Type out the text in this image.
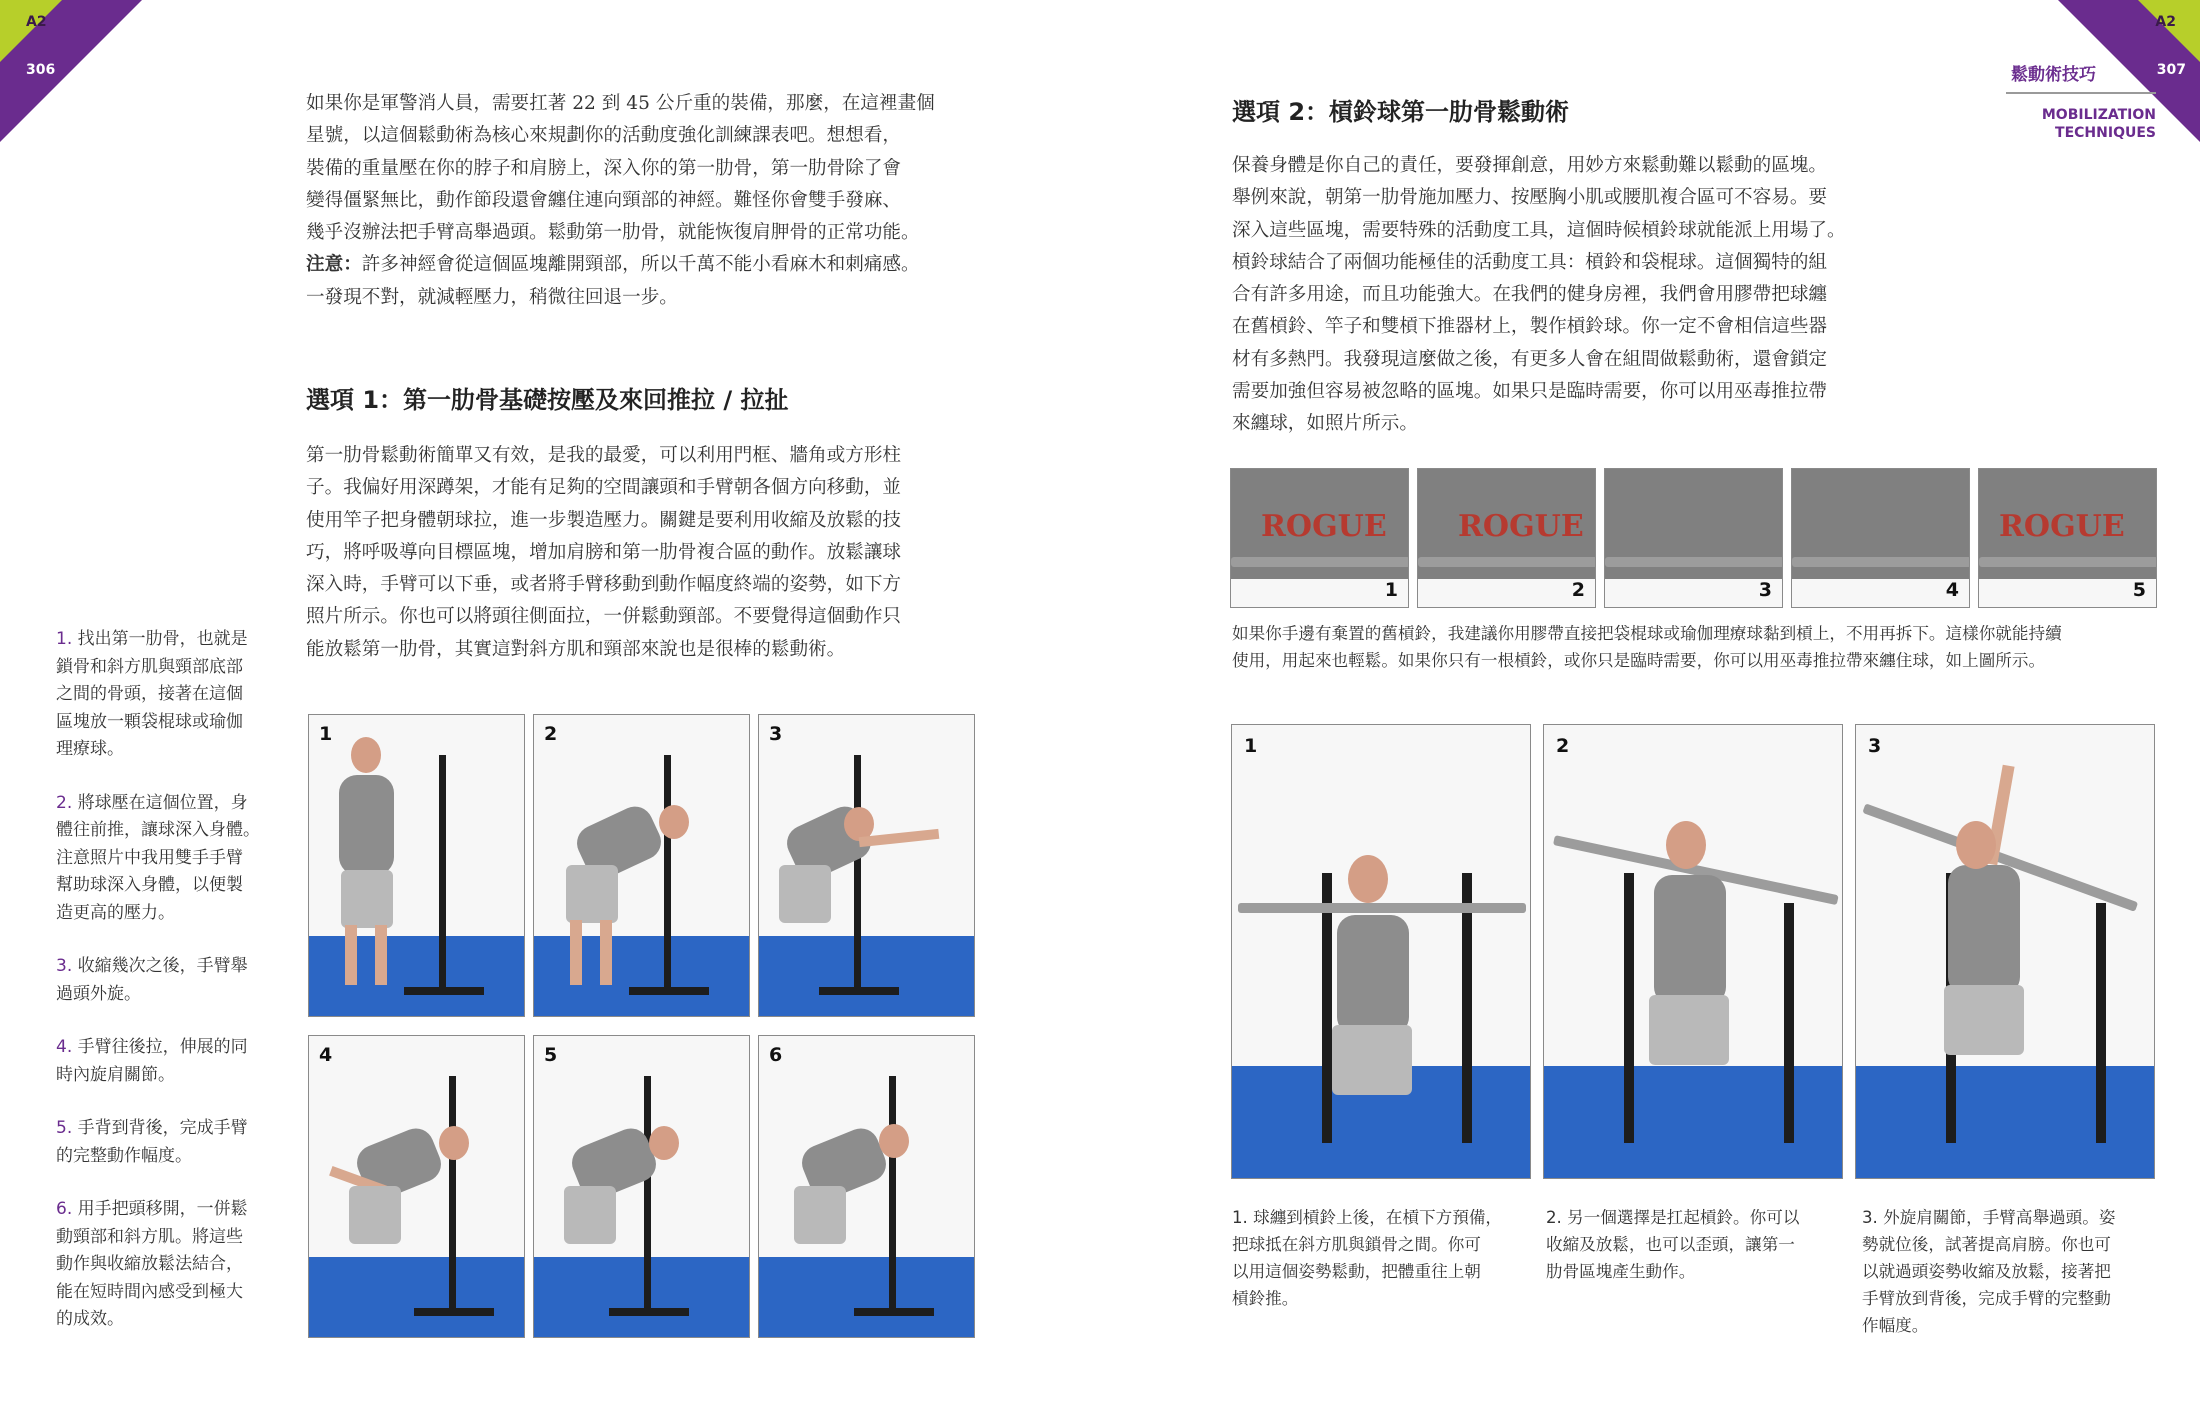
A2
306

如果你是軍警消人員，需要扛著 22 到 45 公斤重的裝備，那麼，在這裡畫個
星號，以這個鬆動術為核心來規劃你的活動度強化訓練課表吧。想想看，
裝備的重量壓在你的脖子和肩膀上，深入你的第一肋骨，第一肋骨除了會
變得僵緊無比，動作節段還會纏住連向頸部的神經。難怪你會雙手發麻、
幾乎沒辦法把手臂高舉過頭。鬆動第一肋骨，就能恢復肩胛骨的正常功能。

注意：許多神經會從這個區塊離開頸部，所以千萬不能小看麻木和刺痛感。
一發現不對，就減輕壓力，稍微往回退一步。

選項 1：第一肋骨基礎按壓及來回推拉 / 拉扯

第一肋骨鬆動術簡單又有效，是我的最愛，可以利用門框、牆角或方形柱
子。我偏好用深蹲架，才能有足夠的空間讓頭和手臂朝各個方向移動，並
使用竿子把身體朝球拉，進一步製造壓力。關鍵是要利用收縮及放鬆的技
巧，將呼吸導向目標區塊，增加肩膀和第一肋骨複合區的動作。放鬆讓球
深入時，手臂可以下垂，或者將手臂移動到動作幅度終端的姿勢，如下方
照片所示。你也可以將頭往側面拉，一併鬆動頸部。不要覺得這個動作只
能放鬆第一肋骨，其實這對斜方肌和頸部來說也是很棒的鬆動術。

1. 找出第一肋骨，也就是
鎖骨和斜方肌與頸部底部
之間的骨頭，接著在這個
區塊放一顆袋棍球或瑜伽
理療球。

2. 將球壓在這個位置，身
體往前推，讓球深入身體。
注意照片中我用雙手手臂
幫助球深入身體，以便製
造更高的壓力。

3. 收縮幾次之後，手臂舉
過頭外旋。

4. 手臂往後拉，伸展的同
時內旋肩關節。

5. 手背到背後，完成手臂
的完整動作幅度。

6. 用手把頭移開，一併鬆
動頸部和斜方肌。將這些
動作與收縮放鬆法結合，
能在短時間內感受到極大
的成效。

1	2	3
4	5	6
A2
307
鬆動術技巧
MOBILIZATION
TECHNIQUES
選項 2：槓鈴球第一肋骨鬆動術

保養身體是你自己的責任，要發揮創意，用妙方來鬆動難以鬆動的區塊。
舉例來說，朝第一肋骨施加壓力、按壓胸小肌或腰肌複合區可不容易。要
深入這些區塊，需要特殊的活動度工具，這個時候槓鈴球就能派上用場了。
槓鈴球結合了兩個功能極佳的活動度工具：槓鈴和袋棍球。這個獨特的組
合有許多用途，而且功能強大。在我們的健身房裡，我們會用膠帶把球纏
在舊槓鈴、竿子和雙槓下推器材上，製作槓鈴球。你一定不會相信這些器
材有多熱門。我發現這麼做之後，有更多人會在組間做鬆動術，還會鎖定
需要加強但容易被忽略的區塊。如果只是臨時需要，你可以用巫毒推拉帶
來纏球，如照片所示。

ROGUE
1
ROGUE
2	3	4
ROGUE
5

如果你手邊有棄置的舊槓鈴，我建議你用膠帶直接把袋棍球或瑜伽理療球黏到槓上，不用再拆下。這樣你就能持續
使用，用起來也輕鬆。如果你只有一根槓鈴，或你只是臨時需要，你可以用巫毒推拉帶來纏住球，如上圖所示。

1	2	3

1. 球纏到槓鈴上後，在槓下方預備，
把球抵在斜方肌與鎖骨之間。你可
以用這個姿勢鬆動，把體重往上朝
槓鈴推。

2. 另一個選擇是扛起槓鈴。你可以
收縮及放鬆，也可以歪頭，讓第一
肋骨區塊產生動作。

3. 外旋肩關節，手臂高舉過頭。姿
勢就位後，試著提高肩膀。你也可
以就過頭姿勢收縮及放鬆，接著把
手臂放到背後，完成手臂的完整動
作幅度。
